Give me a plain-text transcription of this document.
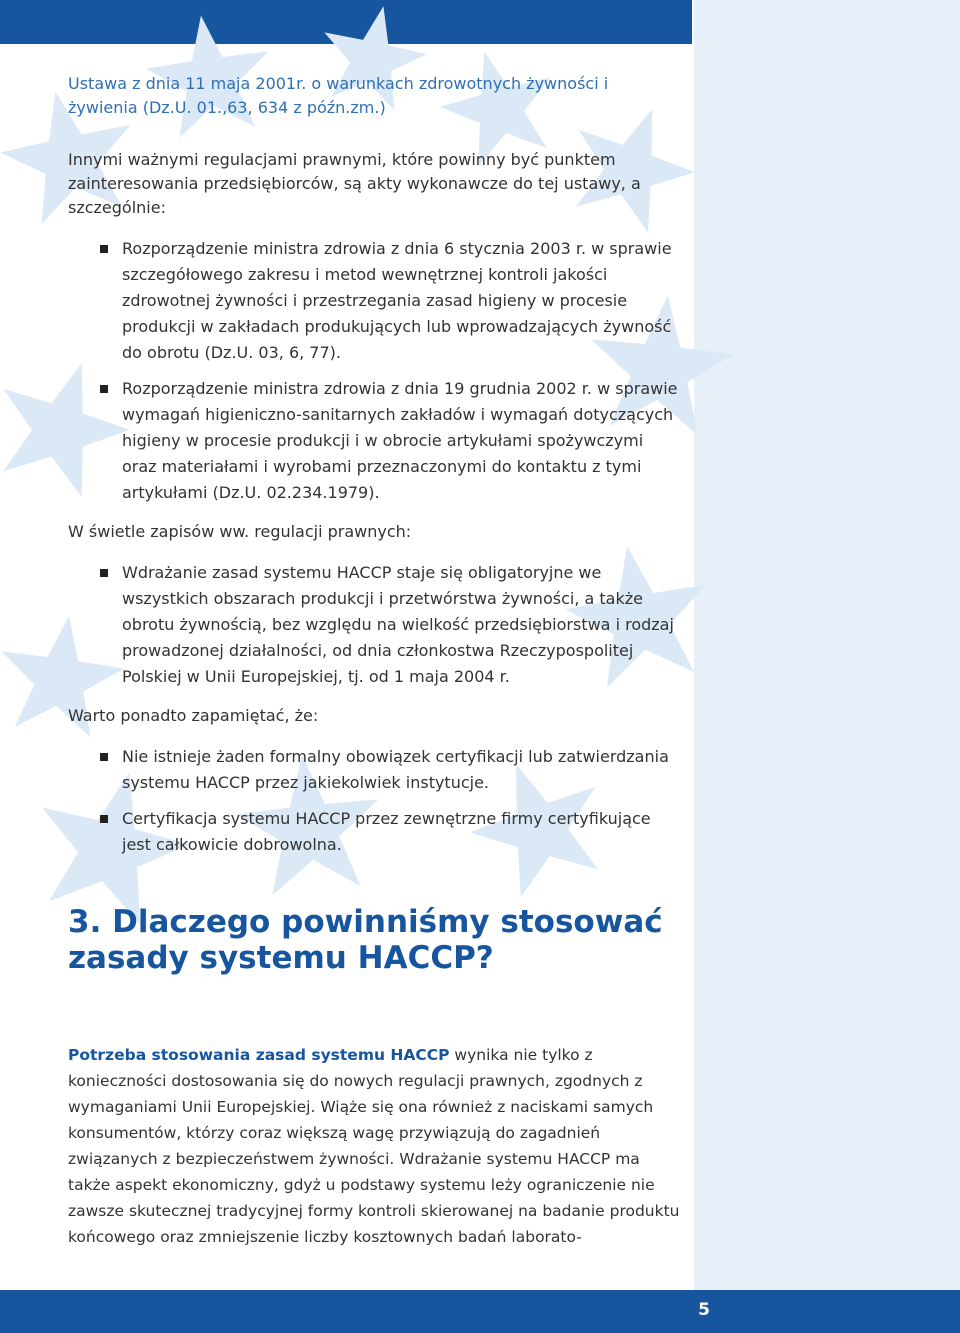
Ustawa z dnia 11 maja 2001r. o warunkach zdrowotnych żywności i żywienia (Dz.U. 01.,63, 634 z późn.zm.)

Innymi ważnymi regulacjami prawnymi, które powinny być punktem zainteresowania przedsiębiorców, są akty wykonawcze do tej ustawy, a szczególnie:

Rozporządzenie ministra zdrowia z dnia 6 stycznia 2003 r. w sprawie szczegółowego zakresu i metod wewnętrznej kontroli jakości zdrowotnej żywności i przestrzegania zasad higieny w procesie produkcji w zakładach produkujących lub wprowadzających żywność do obrotu (Dz.U. 03, 6, 77).
Rozporządzenie ministra zdrowia z dnia 19 grudnia 2002 r. w sprawie wymagań higieniczno-sanitarnych zakładów i wymagań dotyczących higieny w procesie produkcji i w obrocie artykułami spożywczymi oraz materiałami i wyrobami przeznaczonymi do kontaktu z tymi artykułami (Dz.U. 02.234.1979).

W świetle zapisów ww. regulacji prawnych:

Wdrażanie zasad systemu HACCP staje się obligatoryjne we wszystkich obszarach produkcji i przetwórstwa żywności, a także obrotu żywnością, bez względu na wielkość przedsiębiorstwa i rodzaj prowadzonej działalności, od dnia członkostwa Rzeczypospolitej Polskiej w Unii Europejskiej, tj. od 1 maja 2004 r.

Warto ponadto zapamiętać, że:

Nie istnieje żaden formalny obowiązek certyfikacji lub zatwierdzania systemu HACCP przez jakiekolwiek instytucje.
Certyfikacja systemu HACCP przez zewnętrzne firmy certyfikujące jest całkowicie dobrowolna.
3. Dlaczego powinniśmy stosować zasady systemu HACCP?

Potrzeba stosowania zasad systemu HACCP wynika nie tylko z konieczności dostosowania się do nowych regulacji prawnych, zgodnych z wymaganiami Unii Europejskiej. Wiąże się ona również z naciskami samych konsumentów, którzy coraz większą wagę przywiązują do zagadnień związanych z bezpieczeństwem żywności. Wdrażanie systemu HACCP ma także aspekt ekonomiczny, gdyż u podstawy systemu leży ograniczenie nie zawsze skutecznej tradycyjnej formy kontroli skierowanej na badanie produktu końcowego oraz zmniejszenie liczby kosztownych badań laborato-

5
